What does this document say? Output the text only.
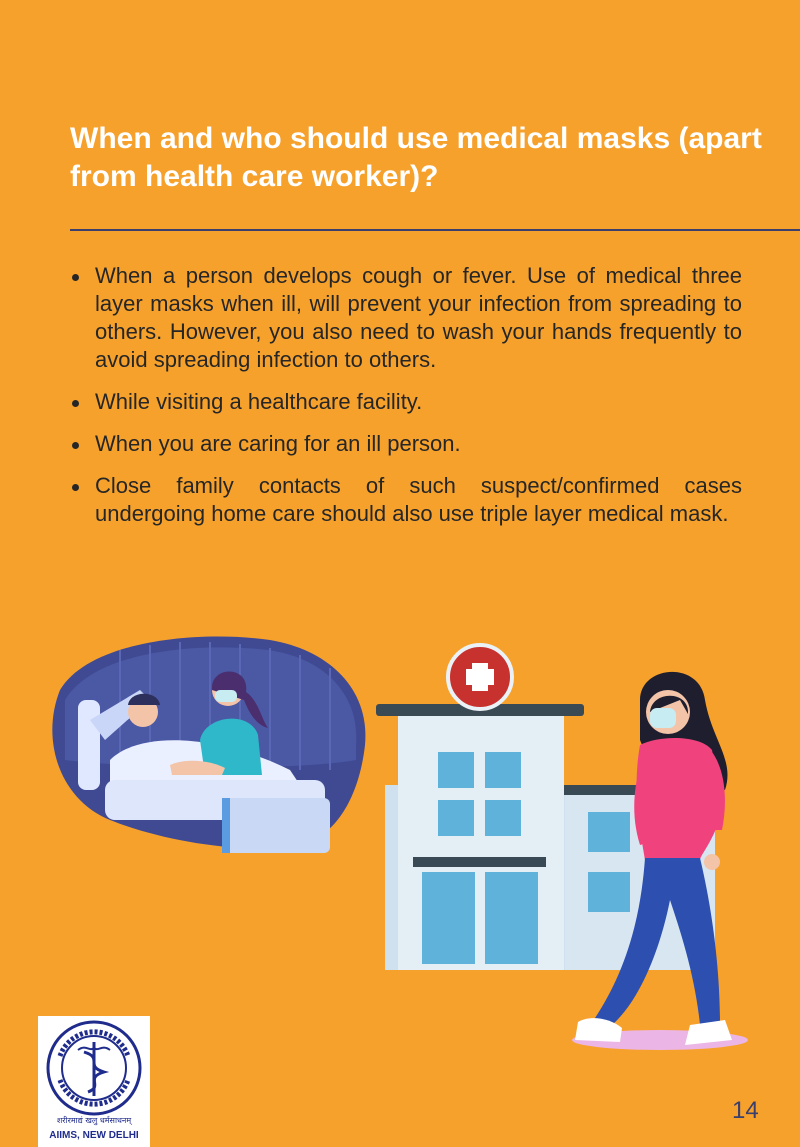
When and who should use medical masks (apart from health care worker)?
When a person develops cough or fever. Use of medical three layer masks when ill, will prevent your infection from spreading to others. However, you also need to wash your hands frequently to avoid spreading infection to others.
While visiting a healthcare facility.
When you are caring for an ill person.
Close family contacts of such suspect/confirmed cases undergoing home care should also use triple layer medical mask.
शरीरमाद्यं खलु धर्मसाधनम्
AIIMS, NEW DELHI
14
